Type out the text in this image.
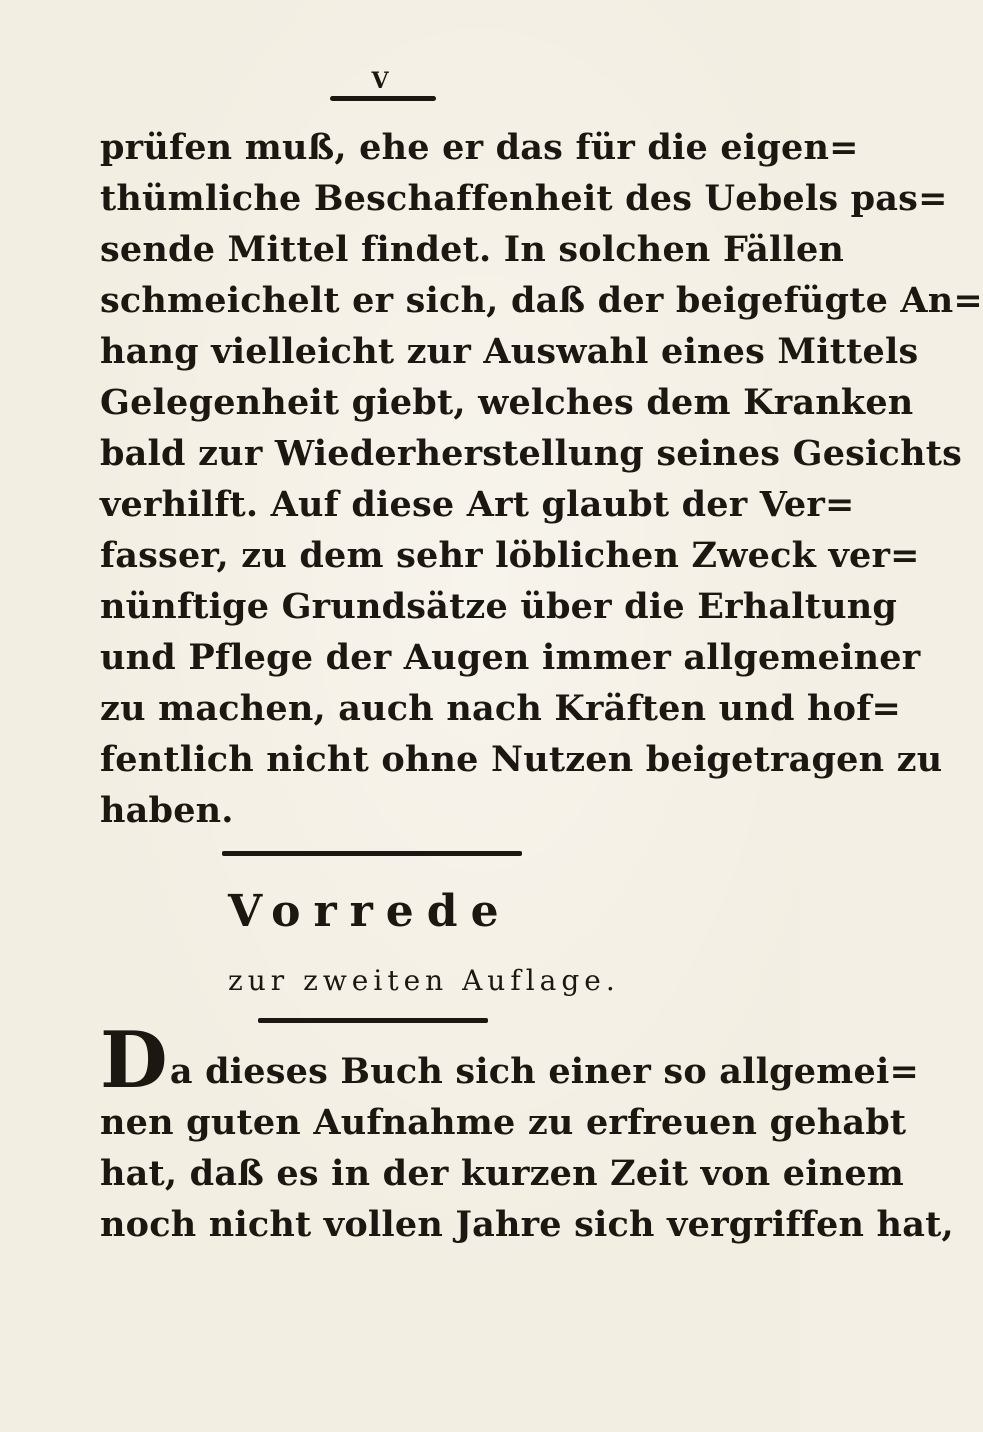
V
prüfen muß, ehe er das für die eigen=
thümliche Beschaffenheit des Uebels pas=
sende Mittel findet. In solchen Fällen
schmeichelt er sich, daß der beigefügte An=
hang vielleicht zur Auswahl eines Mittels
Gelegenheit giebt, welches dem Kranken
bald zur Wiederherstellung seines Gesichts
verhilft. Auf diese Art glaubt der Ver=
fasser, zu dem sehr löblichen Zweck ver=
nünftige Grundsätze über die Erhaltung
und Pflege der Augen immer allgemeiner
zu machen, auch nach Kräften und hof=
fentlich nicht ohne Nutzen beigetragen zu
haben.
Vorrede
zur zweiten Auflage.
Da dieses Buch sich einer so allgemei=
nen guten Aufnahme zu erfreuen gehabt
hat, daß es in der kurzen Zeit von einem
noch nicht vollen Jahre sich vergriffen hat,
